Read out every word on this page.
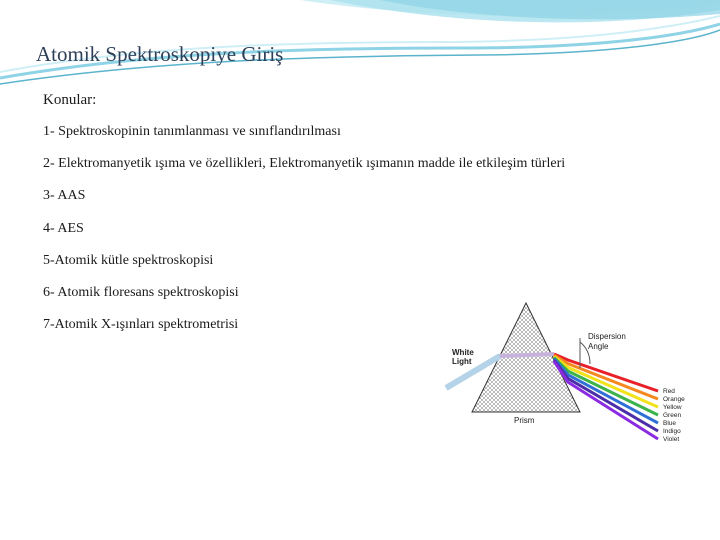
Atomik Spektroskopiye Giriş
Konular:
1- Spektroskopinin tanımlanması ve sınıflandırılması
2- Elektromanyetik ışıma ve özellikleri, Elektromanyetik ışımanın madde ile etkileşim türleri
3- AAS
4- AES
5-Atomik kütle spektroskopisi
6- Atomik floresans spektroskopisi
7-Atomik X-ışınları spektrometrisi
White
Light
Dispersion
Angle
Prism
Red
Orange
Yellow
Green
Blue
Indigo
Violet
